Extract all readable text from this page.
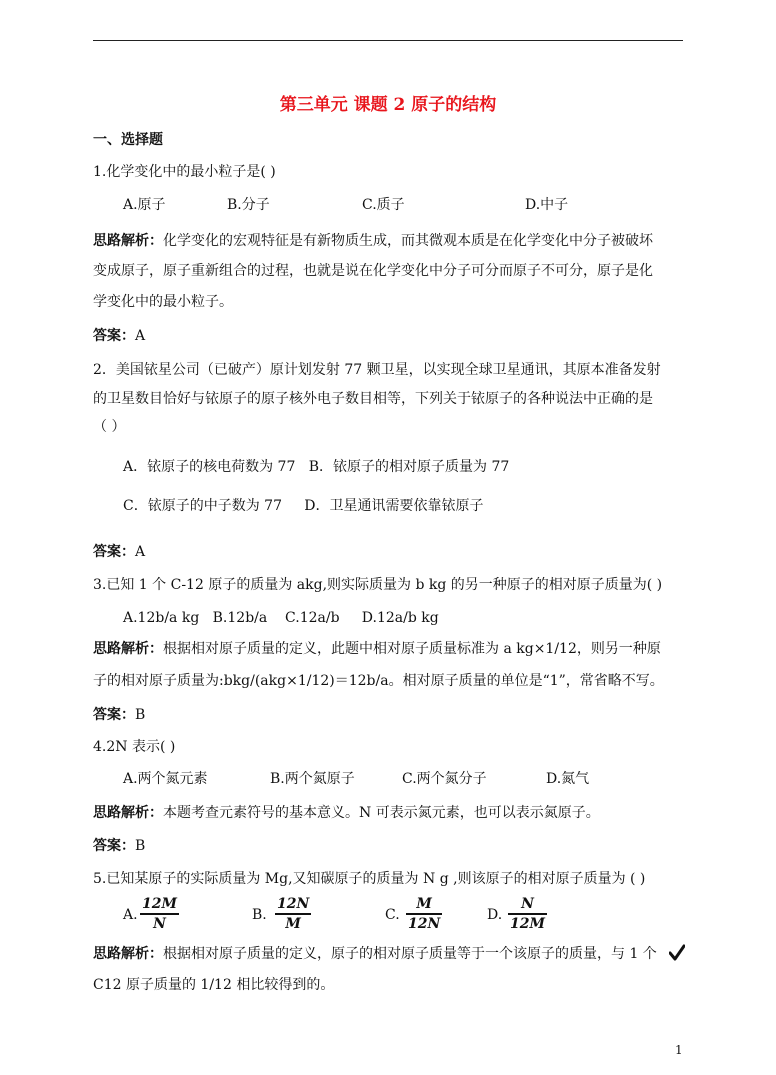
第三单元 课题 2 原子的结构
一、选择题
1.化学变化中的最小粒子是( )
A.原子	B.分子	C.质子	D.中子
思路解析：化学变化的宏观特征是有新物质生成，而其微观本质是在化学变化中分子被破坏
变成原子，原子重新组合的过程，也就是说在化学变化中分子可分而原子不可分，原子是化
学变化中的最小粒子。
答案：A
2．美国铱星公司（已破产）原计划发射 77 颗卫星，以实现全球卫星通讯，其原本准备发射
的卫星数目恰好与铱原子的原子核外电子数目相等，下列关于铱原子的各种说法中正确的是
（ ）
A．铱原子的核电荷数为 77   B．铱原子的相对原子质量为 77
C．铱原子的中子数为 77     D．卫星通讯需要依靠铱原子
答案：A
3.已知 1 个 C-12 原子的质量为 akg,则实际质量为 b kg 的另一种原子的相对原子质量为( )
A.12b/a kg   B.12b/a    C.12a/b     D.12a/b kg
思路解析：根据相对原子质量的定义，此题中相对原子质量标准为 a kg×1/12，则另一种原
子的相对原子质量为:bkg/(akg×1/12)＝12b/a。相对原子质量的单位是“1”，常省略不写。
答案：B
4.2N 表示( )
A.两个氮元素	B.两个氮原子	C.两个氮分子	D.氮气
思路解析：本题考查元素符号的基本意义。N 可表示氮元素，也可以表示氮原子。
答案：B
5.已知某原子的实际质量为 Mg,又知碳原子的质量为 N g ,则该原子的相对原子质量为 ( )
A.
12M
N
B.
12N
M
C.
M
12N
D.
N
12M
思路解析：根据相对原子质量的定义，原子的相对原子质量等于一个该原子的质量，与 1 个
C12 原子质量的 1/12 相比较得到的。
1
